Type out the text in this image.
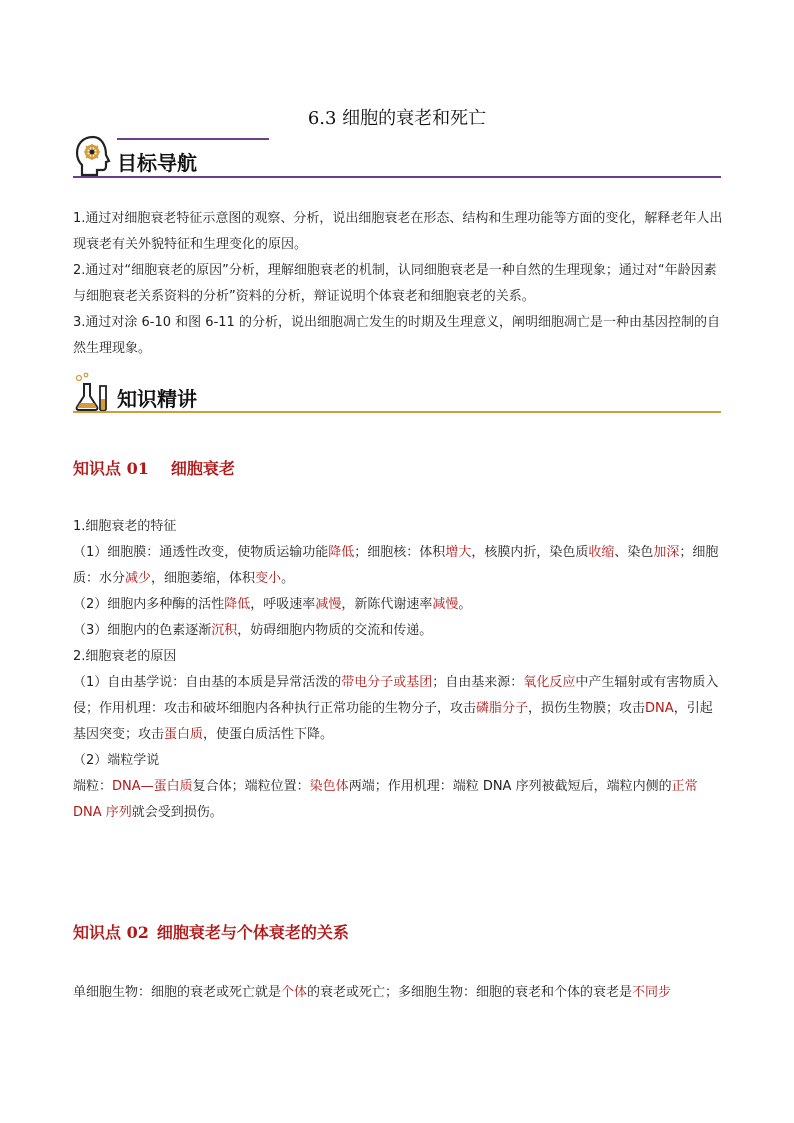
6.3 细胞的衰老和死亡
目标导航

1.通过对细胞衰老特征示意图的观察、分析，说出细胞衰老在形态、结构和生理功能等方面的变化，解释老年人出现衰老有关外貌特征和生理变化的原因。

2.通过对“细胞衰老的原因”分析，理解细胞衰老的机制，认同细胞衰老是一种自然的生理现象；通过对“年龄因素与细胞衰老关系资料的分析”资料的分析，辩证说明个体衰老和细胞衰老的关系。

3.通过对涂 6-10 和图 6-11 的分析，说出细胞凋亡发生的时期及生理意义，阐明细胞凋亡是一种由基因控制的自然生理现象。

知识精讲
知识点 01 细胞衰老

1.细胞衰老的特征

（1）细胞膜：通透性改变，使物质运输功能降低；细胞核：体积增大，核膜内折，染色质收缩、染色加深；细胞质：水分减少，细胞萎缩，体积变小。

（2）细胞内多种酶的活性降低，呼吸速率减慢，新陈代谢速率减慢。

（3）细胞内的色素逐渐沉积，妨碍细胞内物质的交流和传递。

2.细胞衰老的原因

（1）自由基学说：自由基的本质是异常活泼的带电分子或基团；自由基来源：氧化反应中产生辐射或有害物质入侵；作用机理：攻击和破坏细胞内各种执行正常功能的生物分子，攻击磷脂分子，损伤生物膜；攻击DNA，引起基因突变；攻击蛋白质，使蛋白质活性下降。

（2）端粒学说

端粒：DNA—蛋白质复合体；端粒位置：染色体两端；作用机理：端粒 DNA 序列被截短后，端粒内侧的正常 DNA 序列就会受到损伤。

知识点 02 细胞衰老与个体衰老的关系

单细胞生物：细胞的衰老或死亡就是个体的衰老或死亡；多细胞生物：细胞的衰老和个体的衰老是不同步
